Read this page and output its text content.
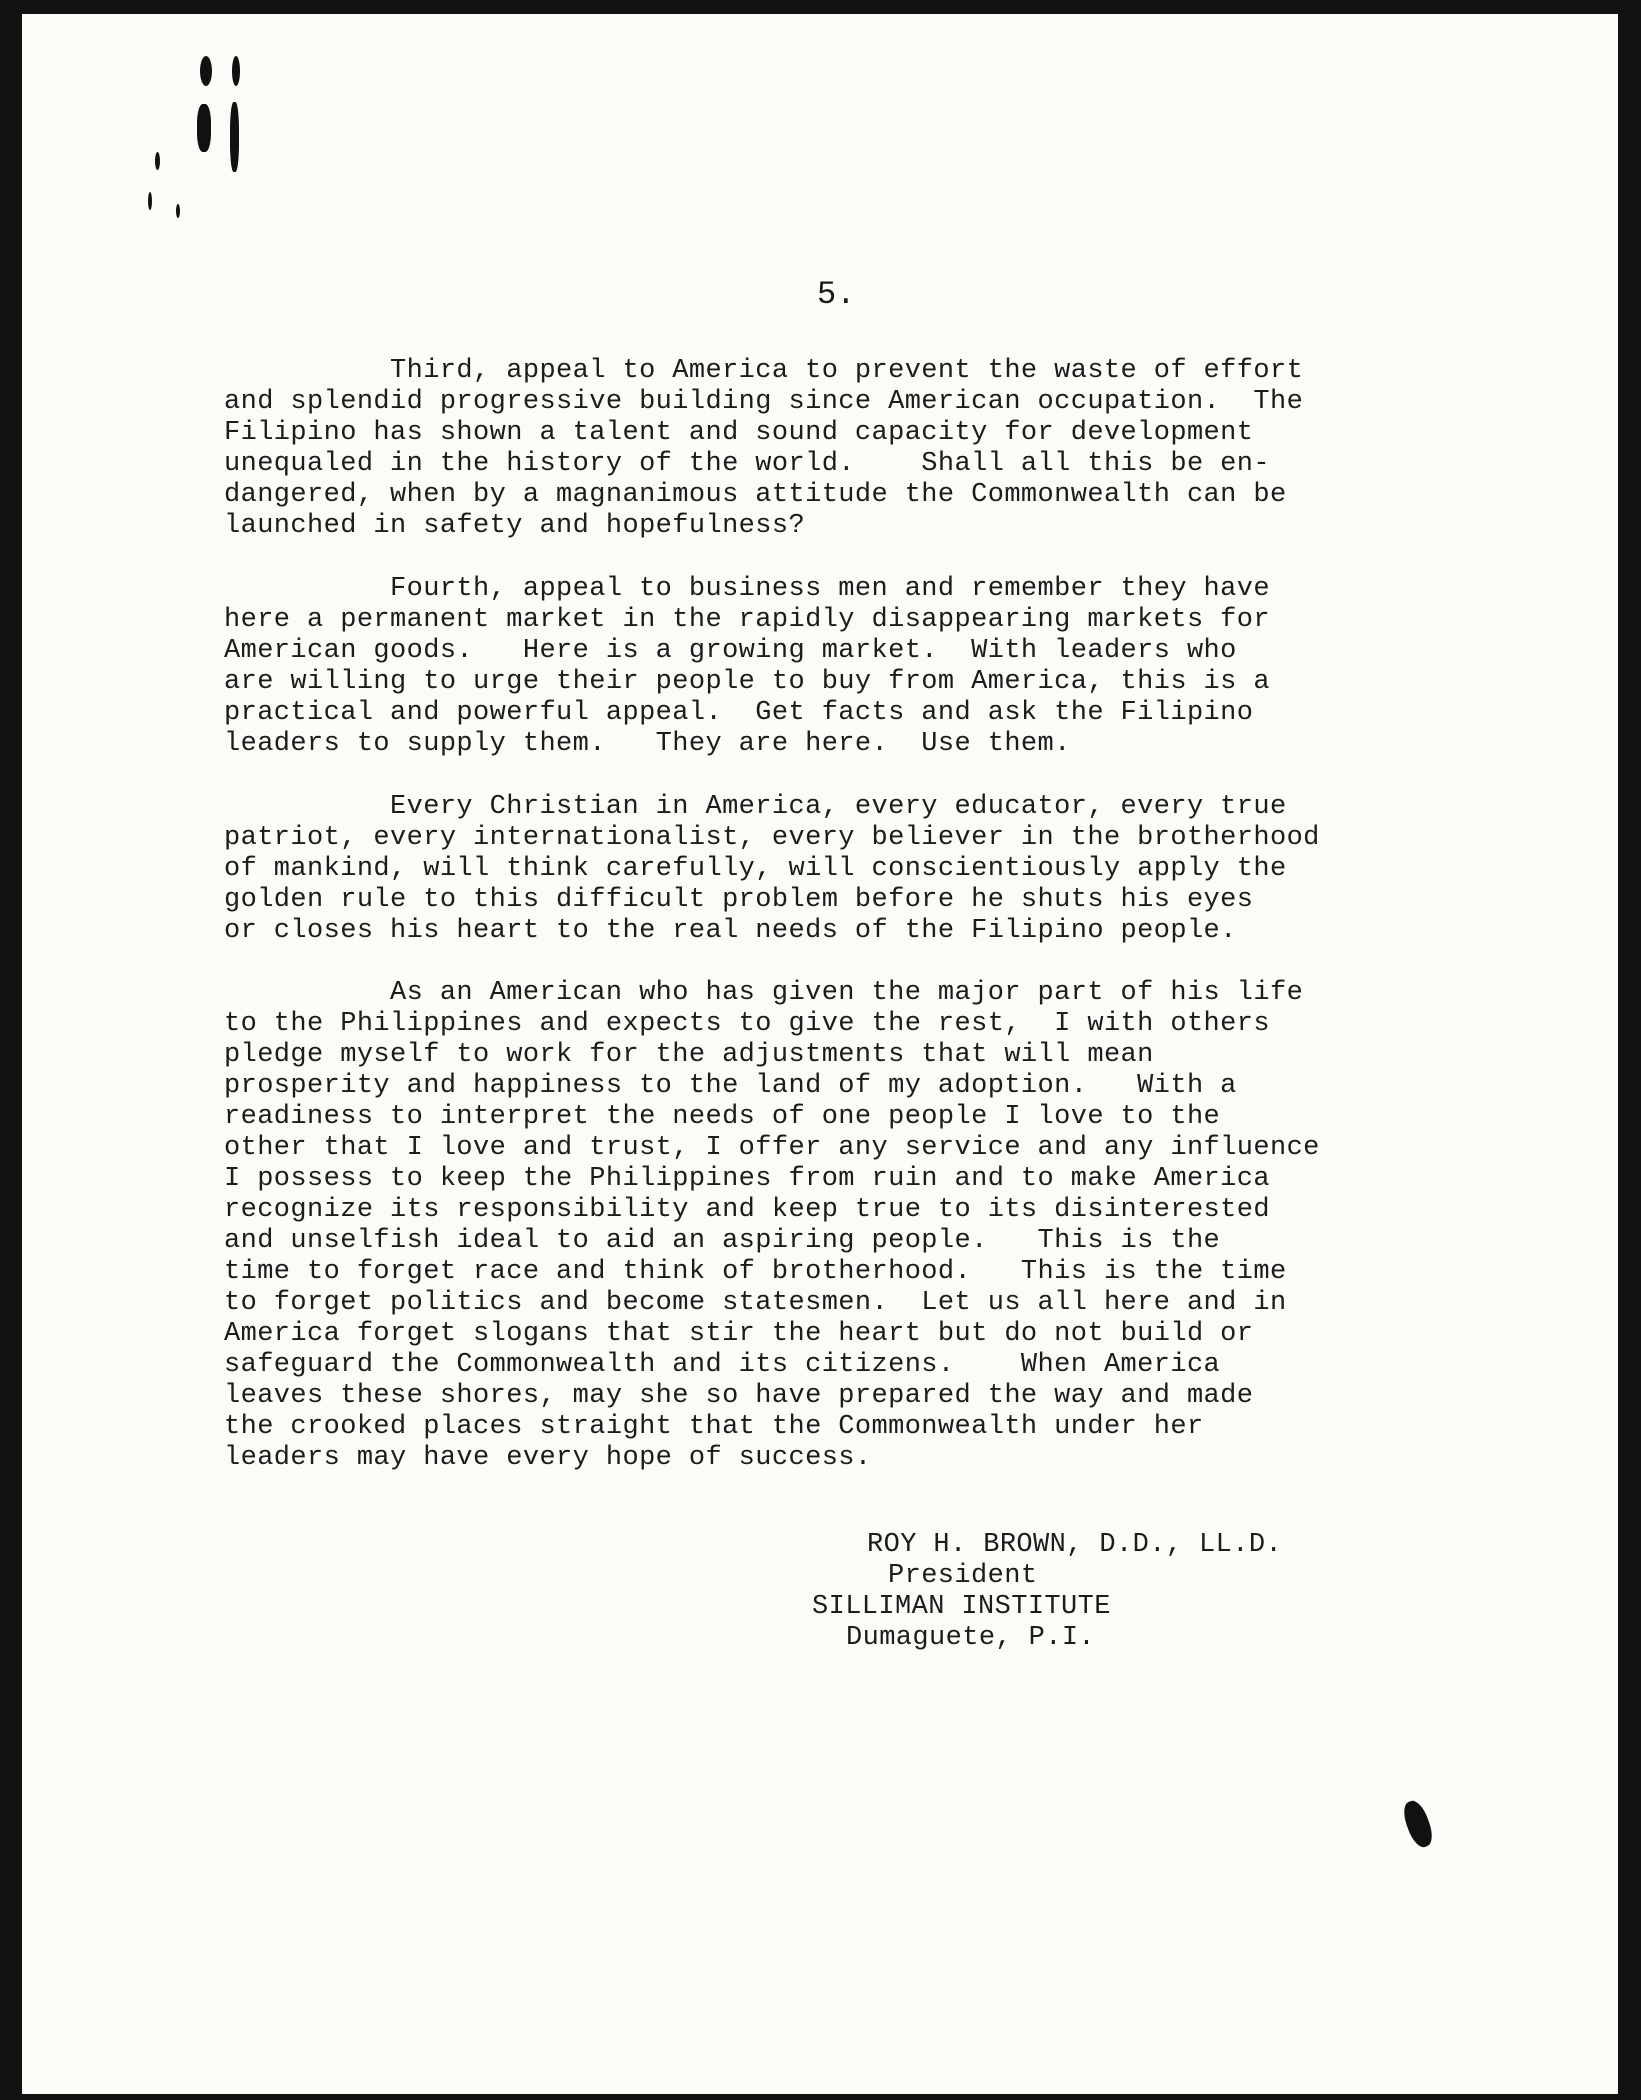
5.

Third, appeal to America to prevent the waste of effort
and splendid progressive building since American occupation.  The
Filipino has shown a talent and sound capacity for development
unequaled in the history of the world.    Shall all this be en-
dangered, when by a magnanimous attitude the Commonwealth can be
launched in safety and hopefulness?

Fourth, appeal to business men and remember they have
here a permanent market in the rapidly disappearing markets for
American goods.   Here is a growing market.  With leaders who
are willing to urge their people to buy from America, this is a
practical and powerful appeal.  Get facts and ask the Filipino
leaders to supply them.   They are here.  Use them.

Every Christian in America, every educator, every true
patriot, every internationalist, every believer in the brotherhood
of mankind, will think carefully, will conscientiously apply the
golden rule to this difficult problem before he shuts his eyes
or closes his heart to the real needs of the Filipino people.

As an American who has given the major part of his life
to the Philippines and expects to give the rest,  I with others
pledge myself to work for the adjustments that will mean
prosperity and happiness to the land of my adoption.   With a
readiness to interpret the needs of one people I love to the
other that I love and trust, I offer any service and any influence
I possess to keep the Philippines from ruin and to make America
recognize its responsibility and keep true to its disinterested
and unselfish ideal to aid an aspiring people.   This is the
time to forget race and think of brotherhood.   This is the time
to forget politics and become statesmen.  Let us all here and in
America forget slogans that stir the heart but do not build or
safeguard the Commonwealth and its citizens.    When America
leaves these shores, may she so have prepared the way and made
the crooked places straight that the Commonwealth under her
leaders may have every hope of success.

ROY H. BROWN, D.D., LL.D.
President
SILLIMAN INSTITUTE
Dumaguete, P.I.
